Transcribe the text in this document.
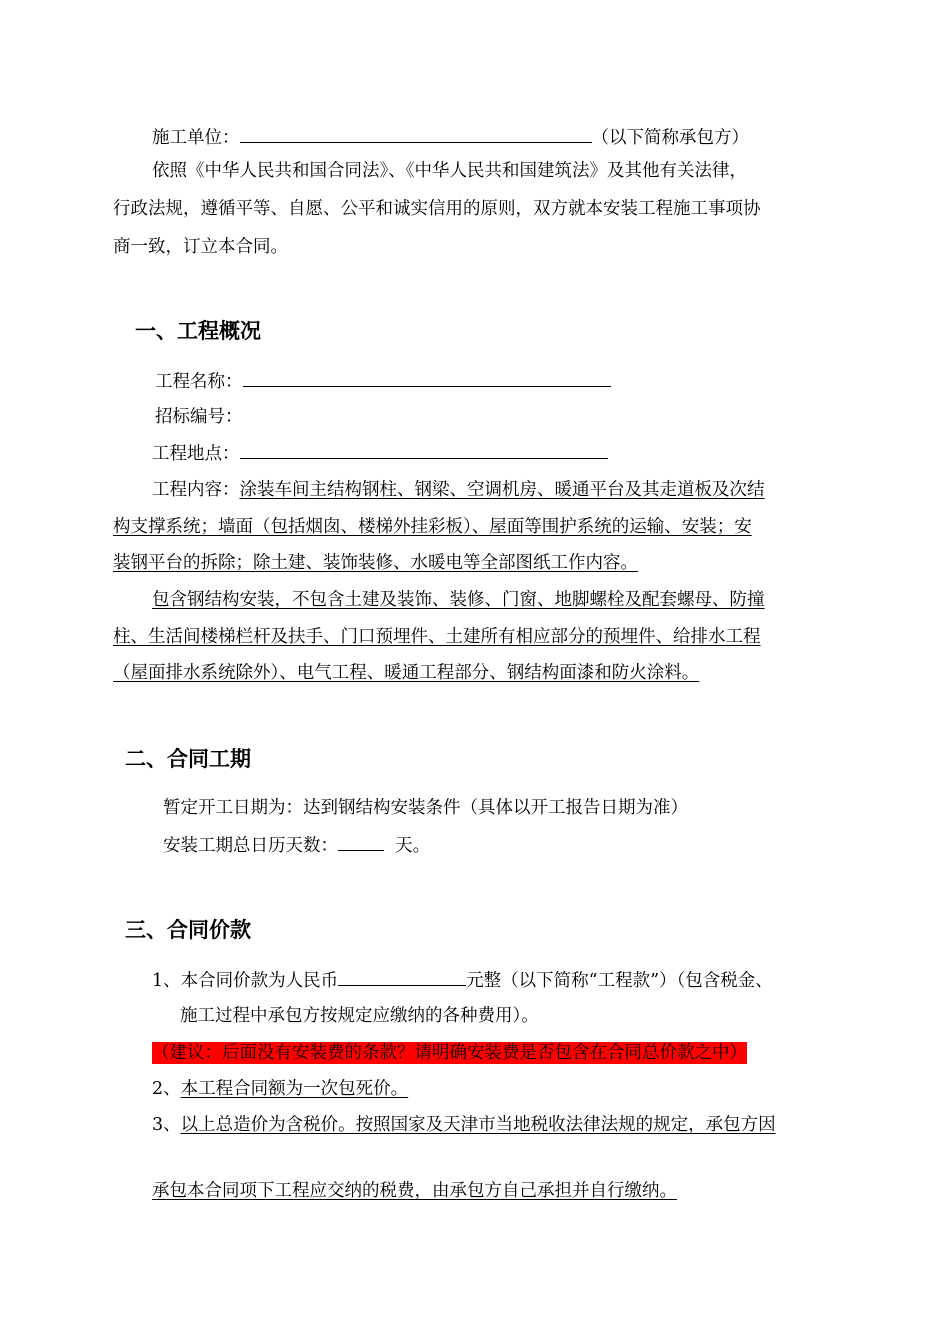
施工单位：	（以下简称承包方）
依照《中华人民共和国合同法》、《中华人民共和国建筑法》及其他有关法律，
行政法规，遵循平等、自愿、公平和诚实信用的原则，双方就本安装工程施工事项协
商一致，订立本合同。
一、工程概况
工程名称：
招标编号：
工程地点：
工程内容：涂装车间主结构钢柱、钢梁、空调机房、暖通平台及其走道板及次结
构支撑系统；墙面（包括烟囱、楼梯外挂彩板）、屋面等围护系统的运输、安装；安
装钢平台的拆除；除土建、装饰装修、水暖电等全部图纸工作内容。
包含钢结构安装，不包含土建及装饰、装修、门窗、地脚螺栓及配套螺母、防撞
柱、生活间楼梯栏杆及扶手、门口预埋件、土建所有相应部分的预埋件、给排水工程
（屋面排水系统除外）、电气工程、暖通工程部分、钢结构面漆和防火涂料。
二、合同工期
暂定开工日期为：达到钢结构安装条件（具体以开工报告日期为准）
安装工期总日历天数：	天。
三、合同价款
1、本合同价款为人民币	元整（以下简称“工程款”）（包含税金、
施工过程中承包方按规定应缴纳的各种费用）。
（建议：后面没有安装费的条款？请明确安装费是否包含在合同总价款之中）
2、本工程合同额为一次包死价。
3、以上总造价为含税价。按照国家及天津市当地税收法律法规的规定，承包方因
承包本合同项下工程应交纳的税费，由承包方自己承担并自行缴纳。
